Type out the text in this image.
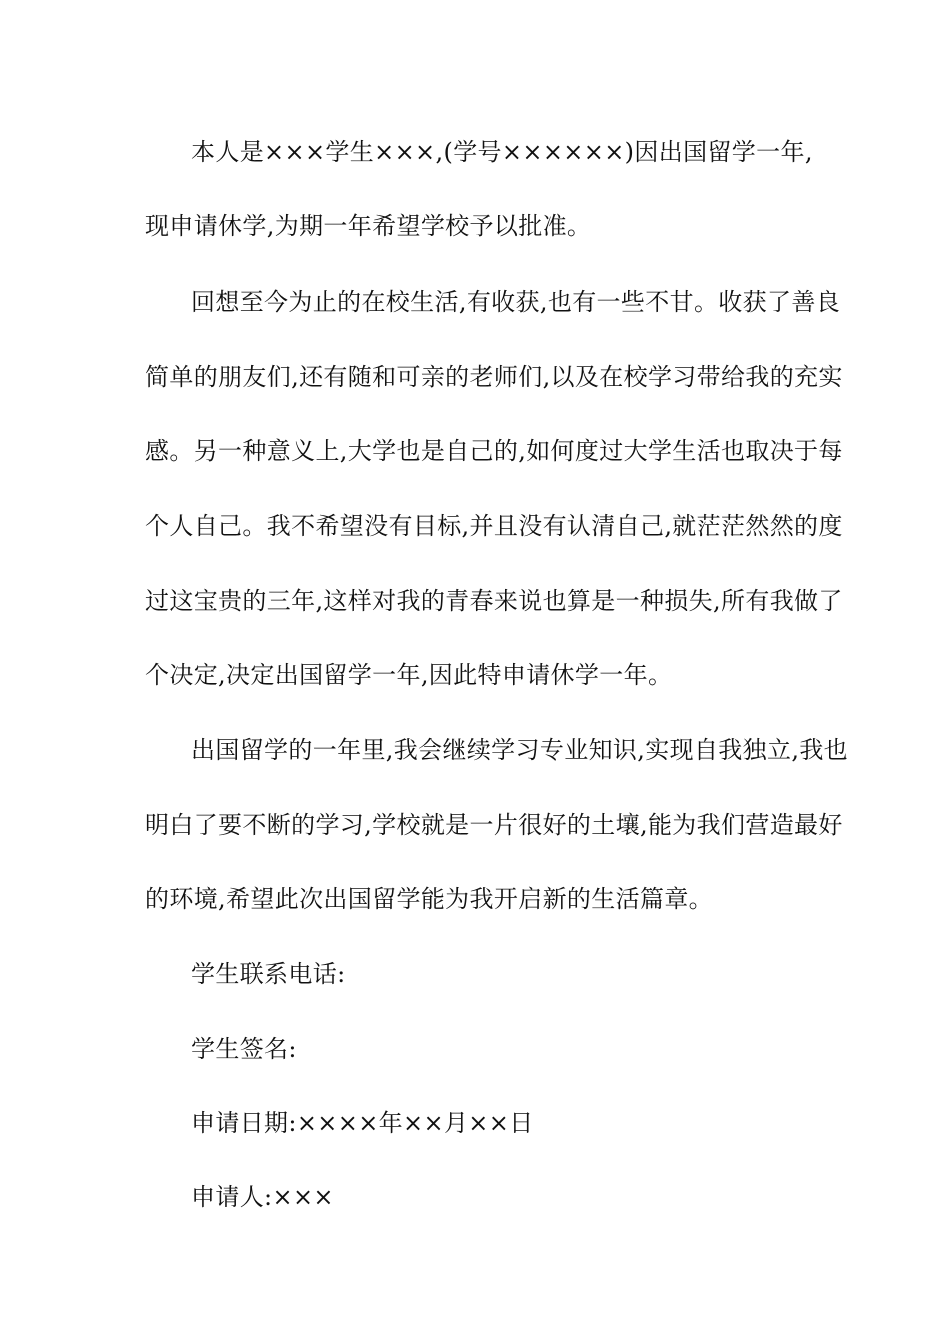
本人是×××学生×××,(学号××××××)因出国留学一年,
现申请休学,为期一年希望学校予以批准。
回想至今为止的在校生活,有收获,也有一些不甘。收获了善良
简单的朋友们,还有随和可亲的老师们,以及在校学习带给我的充实
感。另一种意义上,大学也是自己的,如何度过大学生活也取决于每
个人自己。我不希望没有目标,并且没有认清自己,就茫茫然然的度
过这宝贵的三年,这样对我的青春来说也算是一种损失,所有我做了
个决定,决定出国留学一年,因此特申请休学一年。
出国留学的一年里,我会继续学习专业知识,实现自我独立,我也
明白了要不断的学习,学校就是一片很好的土壤,能为我们营造最好
的环境,希望此次出国留学能为我开启新的生活篇章。
学生联系电话:
学生签名:
申请日期:××××年××月××日
申请人:×××
